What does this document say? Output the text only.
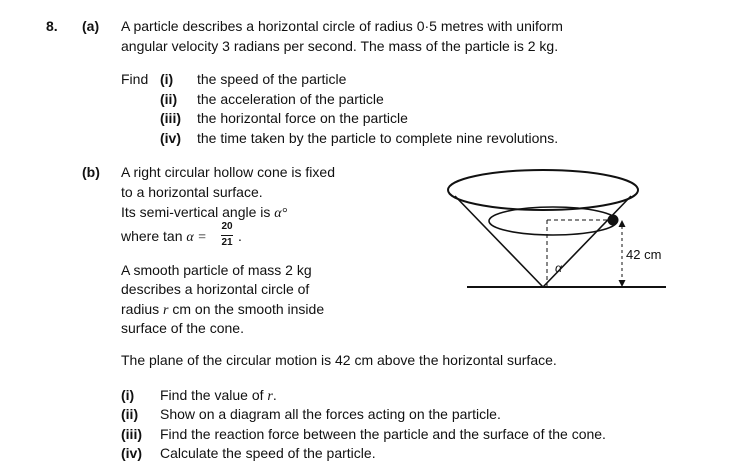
8. (a) A particle describes a horizontal circle of radius 0·5 metres with uniform
angular velocity 3 radians per second. The mass of the particle is 2 kg.
Find (i) the speed of the particle
(ii) the acceleration of the particle
(iii) the horizontal force on the particle
(iv) the time taken by the particle to complete nine revolutions.
(b) A right circular hollow cone is fixed
to a horizontal surface.
Its semi-vertical angle is α°
where tan α =
20
21 .
A smooth particle of mass 2 kg
describes a horizontal circle of
radius r cm on the smooth inside
surface of the cone.
The plane of the circular motion is 42 cm above the horizontal surface.
(i) Find the value of r.
(ii) Show on a diagram all the forces acting on the particle.
(iii) Find the reaction force between the particle and the surface of the cone.
(iv) Calculate the speed of the particle.
42 cm
α
